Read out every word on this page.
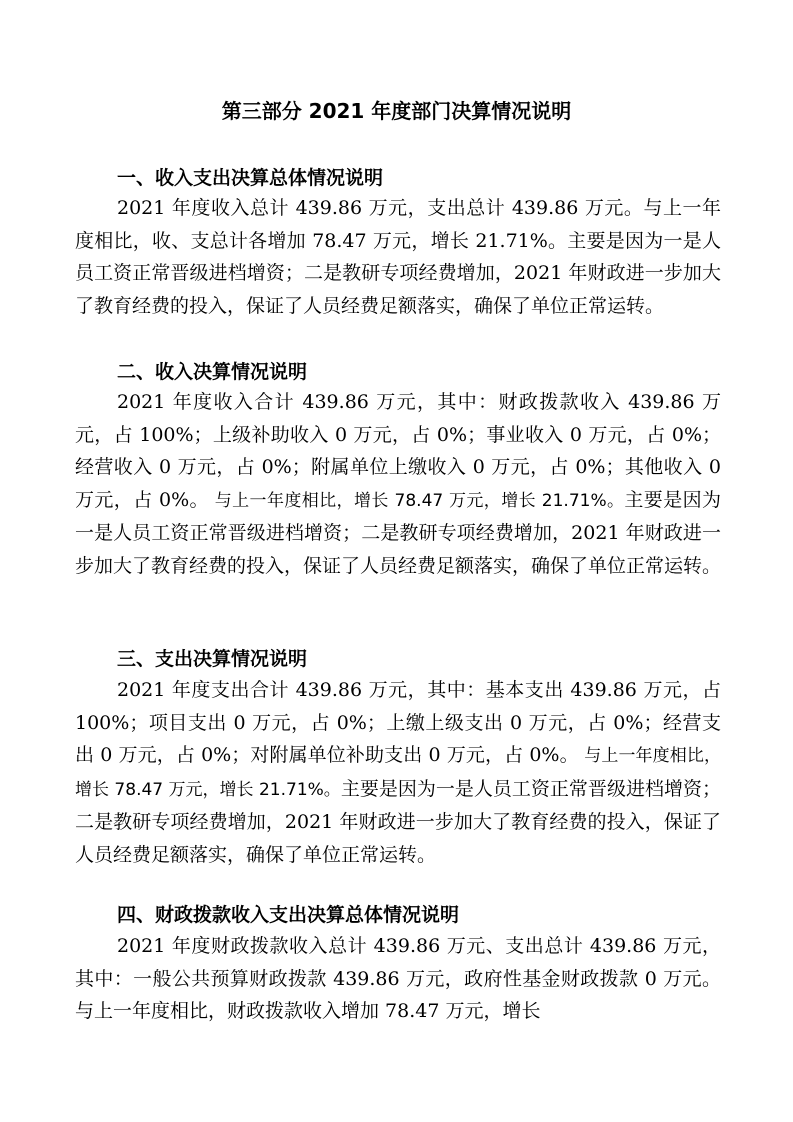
第三部分 2021 年度部门决算情况说明
一、收入支出决算总体情况说明

2021 年度收入总计 439.86 万元，支出总计 439.86 万元。与上一年度相比，收、支总计各增加 78.47 万元，增长 21.71%。主要是因为一是人员工资正常晋级进档增资；二是教研专项经费增加，2021 年财政进一步加大了教育经费的投入，保证了人员经费足额落实，确保了单位正常运转。

二、收入决算情况说明

2021 年度收入合计 439.86 万元，其中：财政拨款收入 439.86 万元，占 100%；上级补助收入 0 万元，占 0%；事业收入 0 万元，占 0%；经营收入 0 万元，占 0%；附属单位上缴收入 0 万元，占 0%；其他收入 0 万元，占 0%。 与上一年度相比，增长 78.47 万元，增长 21.71%。主要是因为一是人员工资正常晋级进档增资；二是教研专项经费增加，2021 年财政进一步加大了教育经费的投入，保证了人员经费足额落实，确保了单位正常运转。

三、支出决算情况说明

2021 年度支出合计 439.86 万元，其中：基本支出 439.86 万元，占 100%；项目支出 0 万元，占 0%；上缴上级支出 0 万元，占 0%；经营支出 0 万元，占 0%；对附属单位补助支出 0 万元，占 0%。 与上一年度相比，增长 78.47 万元，增长 21.71%。主要是因为一是人员工资正常晋级进档增资；二是教研专项经费增加，2021 年财政进一步加大了教育经费的投入，保证了人员经费足额落实，确保了单位正常运转。

四、财政拨款收入支出决算总体情况说明

2021 年度财政拨款收入总计 439.86 万元、支出总计 439.86 万元，其中：一般公共预算财政拨款 439.86 万元，政府性基金财政拨款 0 万元。与上一年度相比，财政拨款收入增加 78.47 万元，增长
